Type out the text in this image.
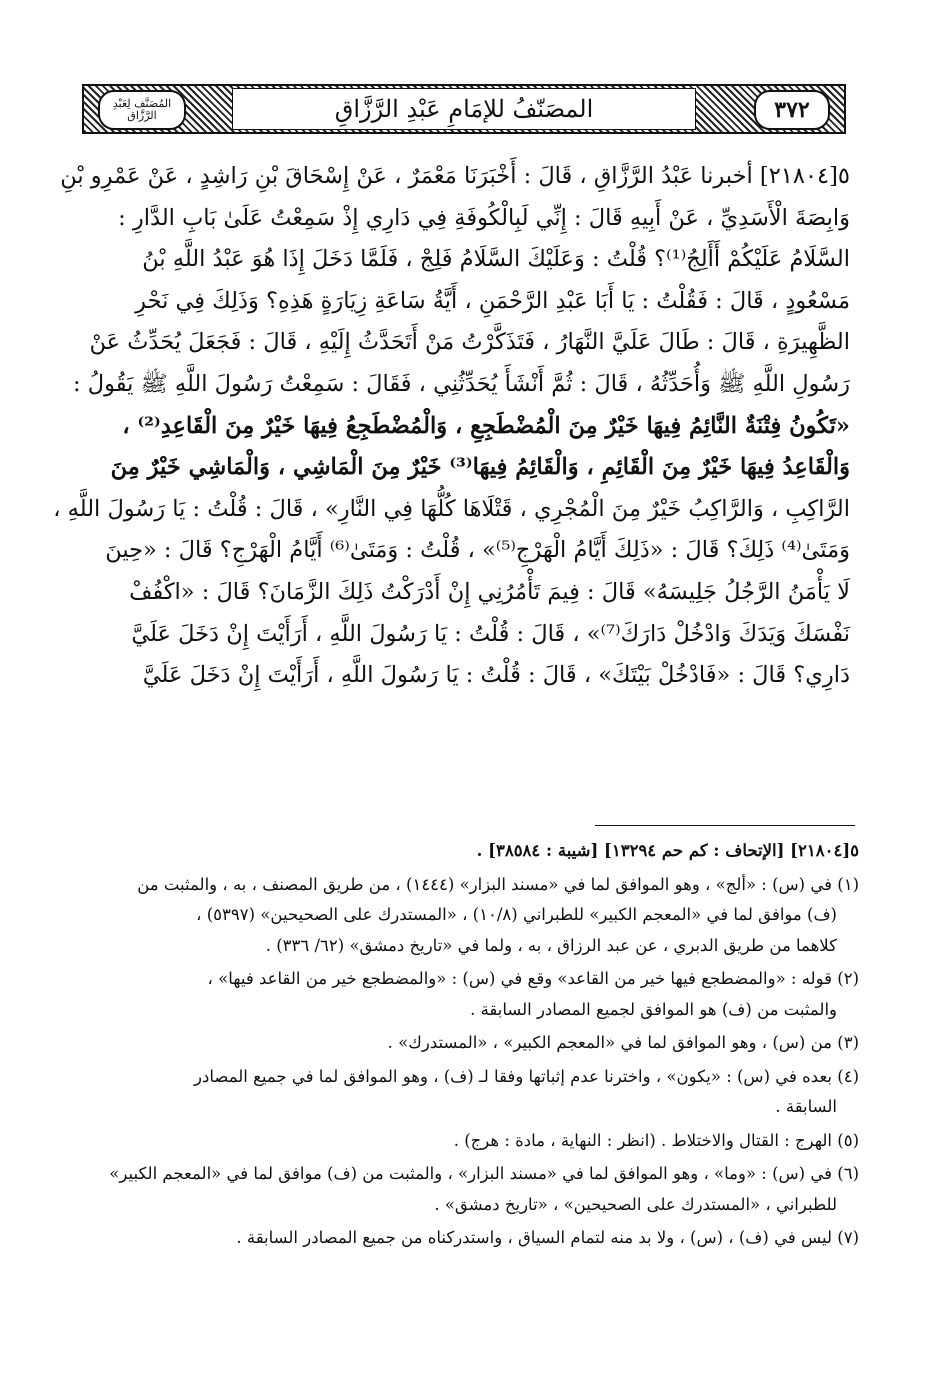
المُصَنَّف لِعَبْدِ الرَّزَّاق	المصَنّفُ للإمَامِ عَبْدِ الرَّزَّاقِ	٣٧٢
٥[٢١٨٠٤] أخبرنا عَبْدُ الرَّزَّاقِ ، قَالَ : أَخْبَرَنَا مَعْمَرٌ ، عَنْ إِسْحَاقَ بْنِ رَاشِدٍ ، عَنْ عَمْرِو بْنِ
وَابِصَةَ الْأَسَدِيِّ ، عَنْ أَبِيهِ قَالَ : إِنِّي لَبِالْكُوفَةِ فِي دَارِي إِذْ سَمِعْتُ عَلَىٰ بَابِ الدَّارِ :
السَّلَامُ عَلَيْكُمْ أَأَلِجُ⁽¹⁾؟ قُلْتُ : وَعَلَيْكَ السَّلَامُ فَلِجْ ، فَلَمَّا دَخَلَ إِذَا هُوَ عَبْدُ اللَّهِ بْنُ
مَسْعُودٍ ، قَالَ : فَقُلْتُ : يَا أَبَا عَبْدِ الرَّحْمَنِ ، أَيَّةُ سَاعَةِ زِيَارَةٍ هَذِهِ؟ وَذَلِكَ فِي نَحْرِ
الظَّهِيرَةِ ، قَالَ : طَالَ عَلَيَّ النَّهَارُ ، فَتَذَكَّرْتُ مَنْ أَتَحَدَّثُ إِلَيْهِ ، قَالَ : فَجَعَلَ يُحَدِّثُ عَنْ
رَسُولِ اللَّهِ ﷺ وَأُحَدِّثُهُ ، قَالَ : ثُمَّ أَنْشَأَ يُحَدِّثُنِي ، فَقَالَ : سَمِعْتُ رَسُولَ اللَّهِ ﷺ يَقُولُ :
«تَكُونُ فِتْنَةٌ النَّائِمُ فِيهَا خَيْرٌ مِنَ الْمُضْطَجِعِ ، وَالْمُضْطَجِعُ فِيهَا خَيْرٌ مِنَ الْقَاعِدِ⁽²⁾ ،
وَالْقَاعِدُ فِيهَا خَيْرٌ مِنَ الْقَائِمِ ، وَالْقَائِمُ فِيهَا⁽³⁾ خَيْرٌ مِنَ الْمَاشِي ، وَالْمَاشِي خَيْرٌ مِنَ
الرَّاكِبِ ، وَالرَّاكِبُ خَيْرٌ مِنَ الْمُجْرِي ، قَتْلَاهَا كُلُّهَا فِي النَّارِ» ، قَالَ : قُلْتُ : يَا رَسُولَ اللَّهِ ،
وَمَتَىٰ⁽⁴⁾ ذَلِكَ؟ قَالَ : «ذَلِكَ أَيَّامُ الْهَرْجِ⁽⁵⁾» ، قُلْتُ : وَمَتَىٰ⁽⁶⁾ أَيَّامُ الْهَرْجِ؟ قَالَ : «حِينَ
لَا يَأْمَنُ الرَّجُلُ جَلِيسَهُ» قَالَ : فِيمَ تَأْمُرُنِي إِنْ أَدْرَكْتُ ذَلِكَ الزَّمَانَ؟ قَالَ : «اكْفُفْ
نَفْسَكَ وَيَدَكَ وَادْخُلْ دَارَكَ⁽⁷⁾» ، قَالَ : قُلْتُ : يَا رَسُولَ اللَّهِ ، أَرَأَيْتَ إِنْ دَخَلَ عَلَيَّ
دَارِي؟ قَالَ : «فَادْخُلْ بَيْتَكَ» ، قَالَ : قُلْتُ : يَا رَسُولَ اللَّهِ ، أَرَأَيْتَ إِنْ دَخَلَ عَلَيَّ
٥[٢١٨٠٤] [الإتحاف : كم حم ١٣٢٩٤] [شيبة : ٣٨٥٨٤] .
(١) في (س) : «ألج» ، وهو الموافق لما في «مسند البزار» (١٤٤٤) ، من طريق المصنف ، به ، والمثبت من
(ف) موافق لما في «المعجم الكبير» للطبراني (١٠/٨) ، «المستدرك على الصحيحين» (٥٣٩٧) ،
كلاهما من طريق الدبري ، عن عبد الرزاق ، به ، ولما في «تاريخ دمشق» (٦٢/ ٣٣٦) .
(٢) قوله : «والمضطجع فيها خير من القاعد» وقع في (س) : «والمضطجع خير من القاعد فيها» ،
والمثبت من (ف) هو الموافق لجميع المصادر السابقة .
(٣) من (س) ، وهو الموافق لما في «المعجم الكبير» ، «المستدرك» .
(٤) بعده في (س) : «يكون» ، واخترنا عدم إثباتها وفقا لـ (ف) ، وهو الموافق لما في جميع المصادر
السابقة .
(٥) الهرج : القتال والاختلاط . (انظر : النهاية ، مادة : هرج) .
(٦) في (س) : «وما» ، وهو الموافق لما في «مسند البزار» ، والمثبت من (ف) موافق لما في «المعجم الكبير»
للطبراني ، «المستدرك على الصحيحين» ، «تاريخ دمشق» .
(٧) ليس في (ف) ، (س) ، ولا بد منه لتمام السياق ، واستدركناه من جميع المصادر السابقة .
